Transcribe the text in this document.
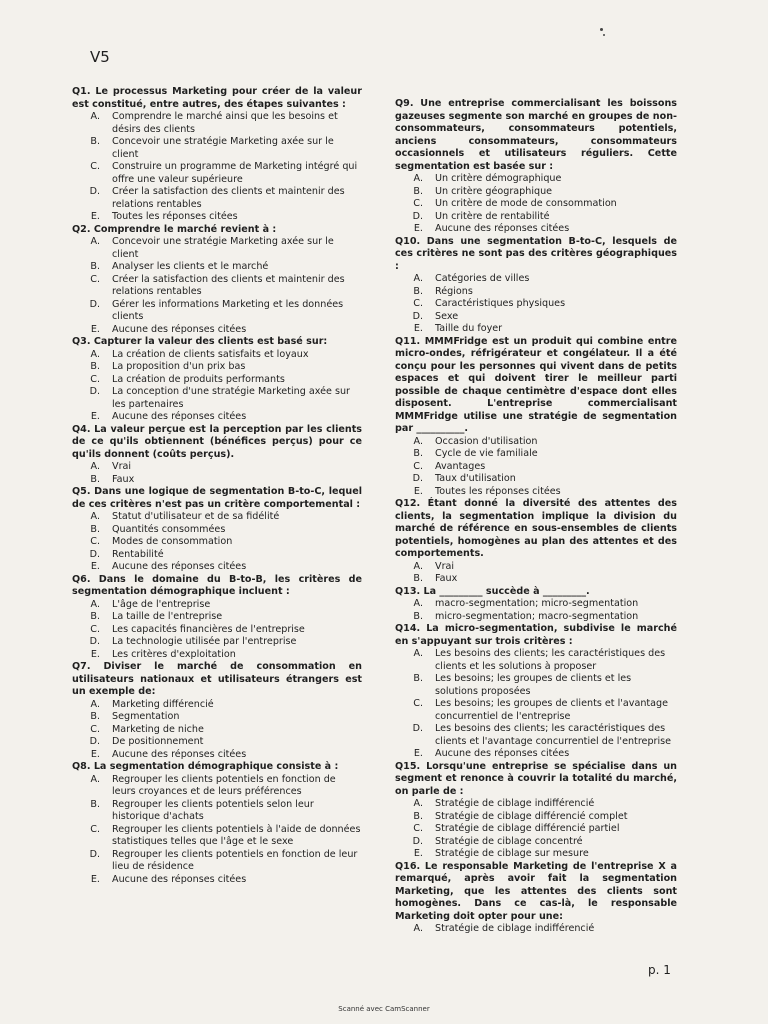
V5
Q1. Le processus Marketing pour créer de la valeur est constitué, entre autres, des étapes suivantes :
A.	Comprendre le marché ainsi que les besoins et désirs des clients
B.	Concevoir une stratégie Marketing axée sur le client
C.	Construire un programme de Marketing intégré qui offre une valeur supérieure
D.	Créer la satisfaction des clients et maintenir des relations rentables
E.	Toutes les réponses citées
Q2. Comprendre le marché revient à :
A.	Concevoir une stratégie Marketing axée sur le client
B.	Analyser les clients et le marché
C.	Créer la satisfaction des clients et maintenir des relations rentables
D.	Gérer les informations Marketing et les données clients
E.	Aucune des réponses citées
Q3. Capturer la valeur des clients est basé sur:
A.	La création de clients satisfaits et loyaux
B.	La proposition d'un prix bas
C.	La création de produits performants
D.	La conception d'une stratégie Marketing axée sur les partenaires
E.	Aucune des réponses citées
Q4. La valeur perçue est la perception par les clients de ce qu'ils obtiennent (bénéfices perçus) pour ce qu'ils donnent (coûts perçus).
A.	Vrai
B.	Faux
Q5. Dans une logique de segmentation B-to-C, lequel de ces critères n'est pas un critère comportemental :
A.	Statut d'utilisateur et de sa fidélité
B.	Quantités consommées
C.	Modes de consommation
D.	Rentabilité
E.	Aucune des réponses citées
Q6. Dans le domaine du B-to-B, les critères de segmentation démographique incluent :
A.	L'âge de l'entreprise
B.	La taille de l'entreprise
C.	Les capacités financières de l'entreprise
D.	La technologie utilisée par l'entreprise
E.	Les critères d'exploitation
Q7. Diviser le marché de consommation en utilisateurs nationaux et utilisateurs étrangers est un exemple de:
A.	Marketing différencié
B.	Segmentation
C.	Marketing de niche
D.	De positionnement
E.	Aucune des réponses citées
Q8. La segmentation démographique consiste à :
A.	Regrouper les clients potentiels en fonction de leurs croyances et de leurs préférences
B.	Regrouper les clients potentiels selon leur historique d'achats
C.	Regrouper les clients potentiels à l'aide de données statistiques telles que l'âge et le sexe
D.	Regrouper les clients potentiels en fonction de leur lieu de résidence
E.	Aucune des réponses citées
Q9. Une entreprise commercialisant les boissons gazeuses segmente son marché en groupes de non-consommateurs, consommateurs potentiels, anciens consommateurs, consommateurs occasionnels et utilisateurs réguliers. Cette segmentation est basée sur :
A.	Un critère démographique
B.	Un critère géographique
C.	Un critère de mode de consommation
D.	Un critère de rentabilité
E.	Aucune des réponses citées
Q10. Dans une segmentation B-to-C, lesquels de ces critères ne sont pas des critères géographiques :
A.	Catégories de villes
B.	Régions
C.	Caractéristiques physiques
D.	Sexe
E.	Taille du foyer
Q11. MMMFridge est un produit qui combine entre micro-ondes, réfrigérateur et congélateur. Il a été conçu pour les personnes qui vivent dans de petits espaces et qui doivent tirer le meilleur parti possible de chaque centimètre d'espace dont elles disposent. L'entreprise commercialisant MMMFridge utilise une stratégie de segmentation par __________.
A.	Occasion d'utilisation
B.	Cycle de vie familiale
C.	Avantages
D.	Taux d'utilisation
E.	Toutes les réponses citées
Q12. Étant donné la diversité des attentes des clients, la segmentation implique la division du marché de référence en sous-ensembles de clients potentiels, homogènes au plan des attentes et des comportements.
A.	Vrai
B.	Faux
Q13. La _________ succède à _________.
A.	macro-segmentation; micro-segmentation
B.	micro-segmentation; macro-segmentation
Q14. La micro-segmentation, subdivise le marché en s'appuyant sur trois critères :
A.	Les besoins des clients; les caractéristiques des clients et les solutions à proposer
B.	Les besoins; les groupes de clients et les solutions proposées
C.	Les besoins; les groupes de clients et l'avantage concurrentiel de l'entreprise
D.	Les besoins des clients; les caractéristiques des clients et l'avantage concurrentiel de l'entreprise
E.	Aucune des réponses citées
Q15. Lorsqu'une entreprise se spécialise dans un segment et renonce à couvrir la totalité du marché, on parle de :
A.	Stratégie de ciblage indifférencié
B.	Stratégie de ciblage différencié complet
C.	Stratégie de ciblage différencié partiel
D.	Stratégie de ciblage concentré
E.	Stratégie de ciblage sur mesure
Q16. Le responsable Marketing de l'entreprise X a remarqué, après avoir fait la segmentation Marketing, que les attentes des clients sont homogènes. Dans ce cas-là, le responsable Marketing doit opter pour une:
A.	Stratégie de ciblage indifférencié
p. 1
Scanné avec CamScanner
